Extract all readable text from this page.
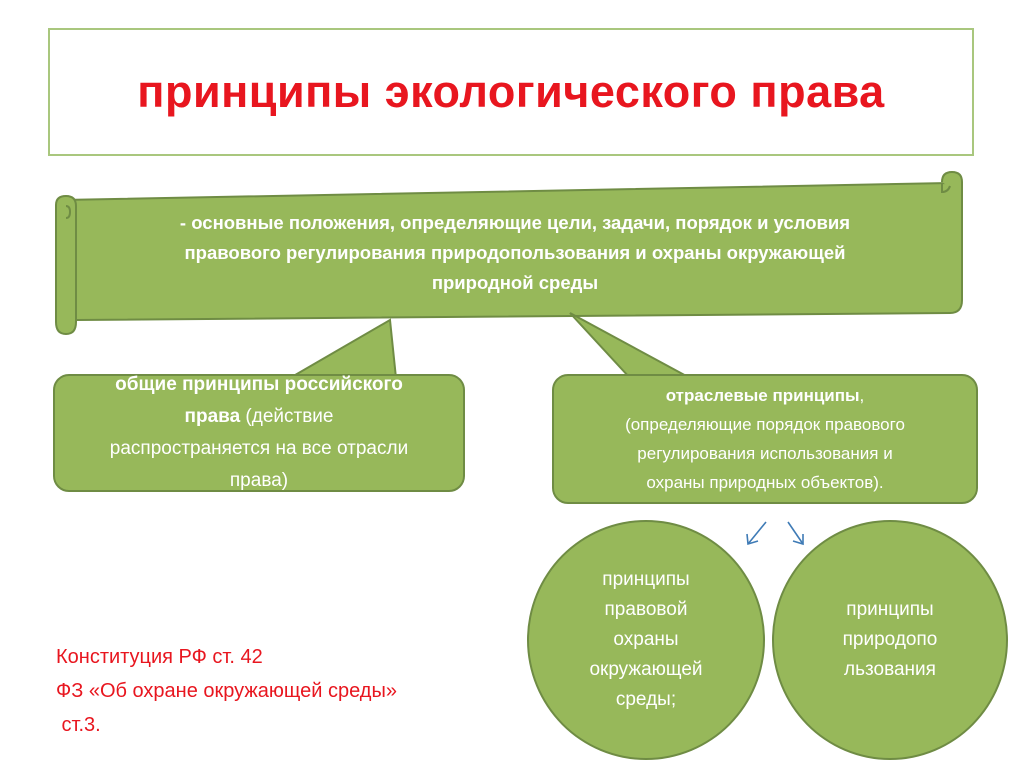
принципы экологического права
- основные положения, определяющие цели, задачи, порядок и условия
правового регулирования природопользования и охраны окружающей
природной среды
общие принципы российского
права (действие
распространяется на все отрасли
права)
отраслевые принципы,
(определяющие порядок правового
регулирования использования и
охраны природных объектов).
принципы
правовой
охраны
окружающей
среды;
принципы
природопо
льзования
Конституция РФ ст. 42
ФЗ «Об охране окружающей среды»
ст.3.
